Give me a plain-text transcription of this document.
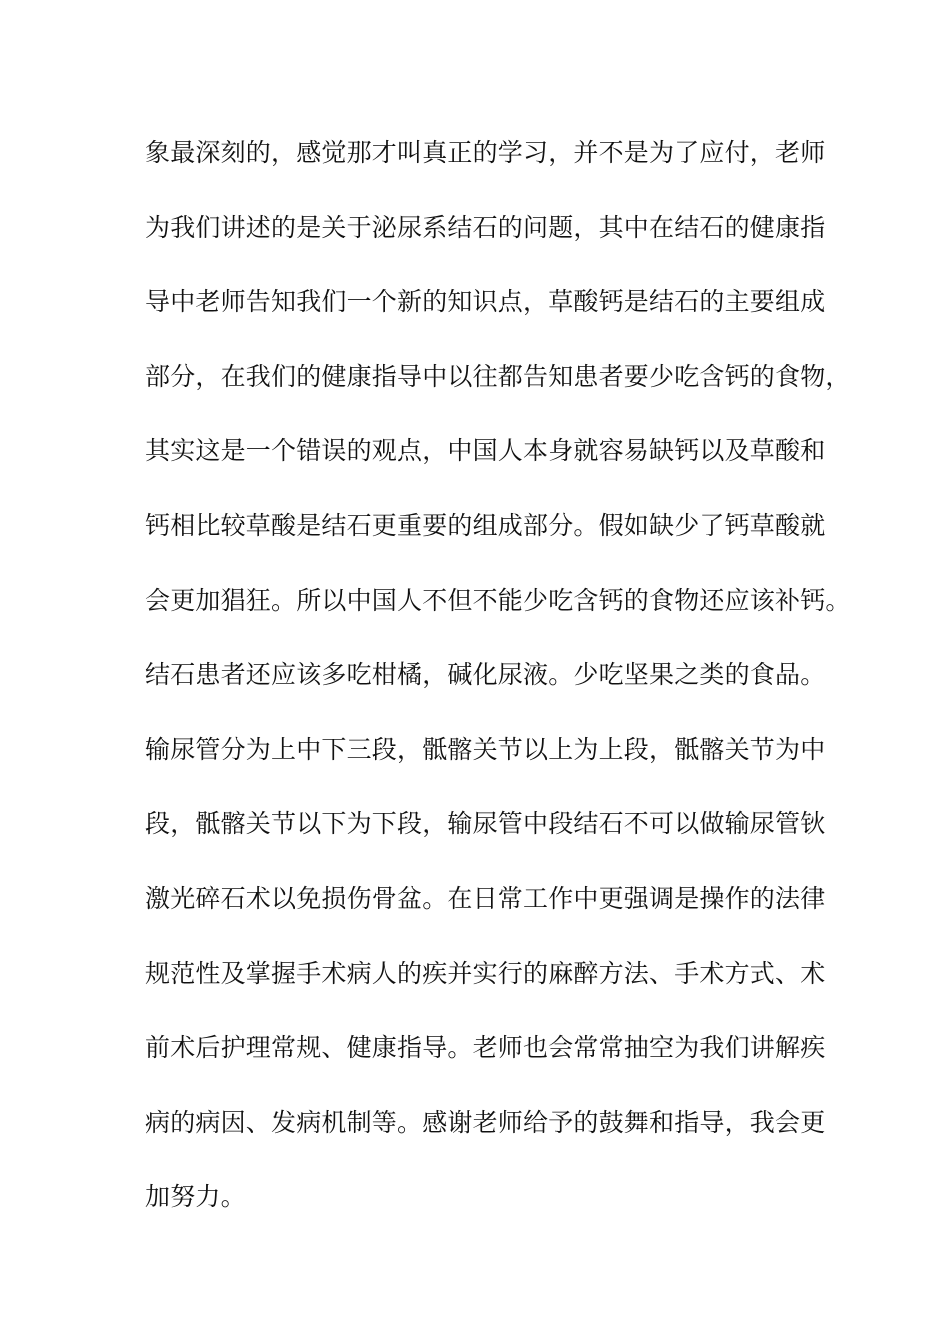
象最深刻的，感觉那才叫真正的学习，并不是为了应付，老师
为我们讲述的是关于泌尿系结石的问题，其中在结石的健康指
导中老师告知我们一个新的知识点，草酸钙是结石的主要组成
部分，在我们的健康指导中以往都告知患者要少吃含钙的食物，
其实这是一个错误的观点，中国人本身就容易缺钙以及草酸和
钙相比较草酸是结石更重要的组成部分。假如缺少了钙草酸就
会更加猖狂。所以中国人不但不能少吃含钙的食物还应该补钙。
结石患者还应该多吃柑橘，碱化尿液。少吃坚果之类的食品。
输尿管分为上中下三段，骶髂关节以上为上段，骶髂关节为中
段，骶髂关节以下为下段，输尿管中段结石不可以做输尿管钬
激光碎石术以免损伤骨盆。在日常工作中更强调是操作的法律
规范性及掌握手术病人的疾并实行的麻醉方法、手术方式、术
前术后护理常规、健康指导。老师也会常常抽空为我们讲解疾
病的病因、发病机制等。感谢老师给予的鼓舞和指导，我会更
加努力。
